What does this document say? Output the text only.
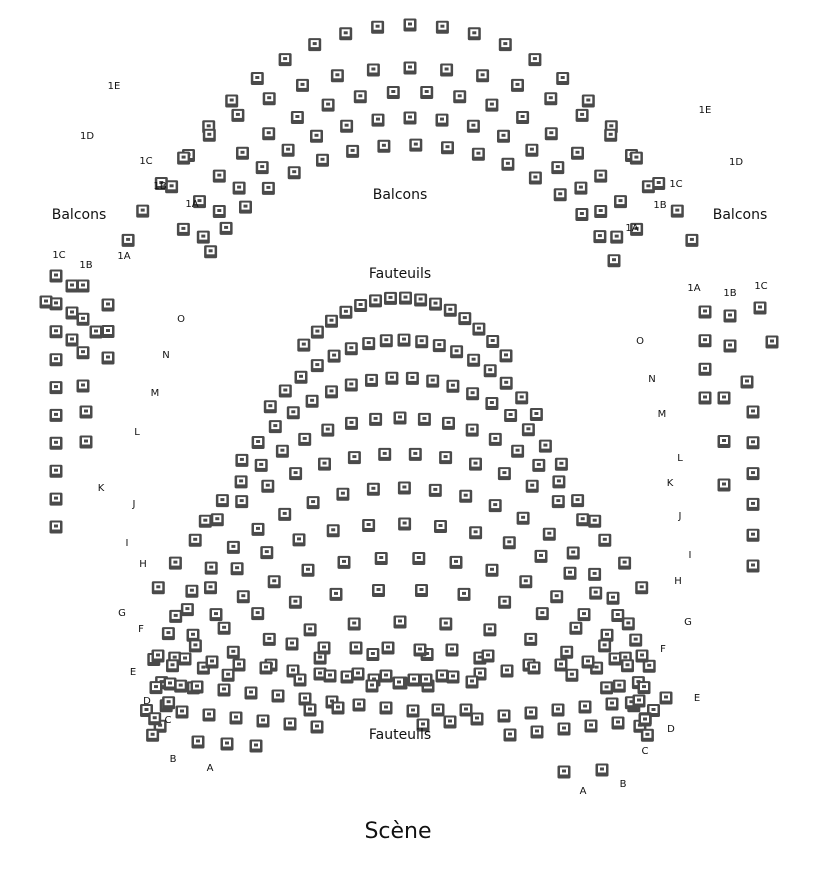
Balcons
Balcons	Balcons
Fauteuils
Fauteuils
Scène
1E
1D
1C
1B
1A
1E
1D
1C
1B
1A
1C
1B
1A
1A 1B
1C
O
N
M
L
K
J
I
H
G
F
E
D
C
B
A
O
N
M
L
K
J
I
H
G
F
E
D
C
B
A
